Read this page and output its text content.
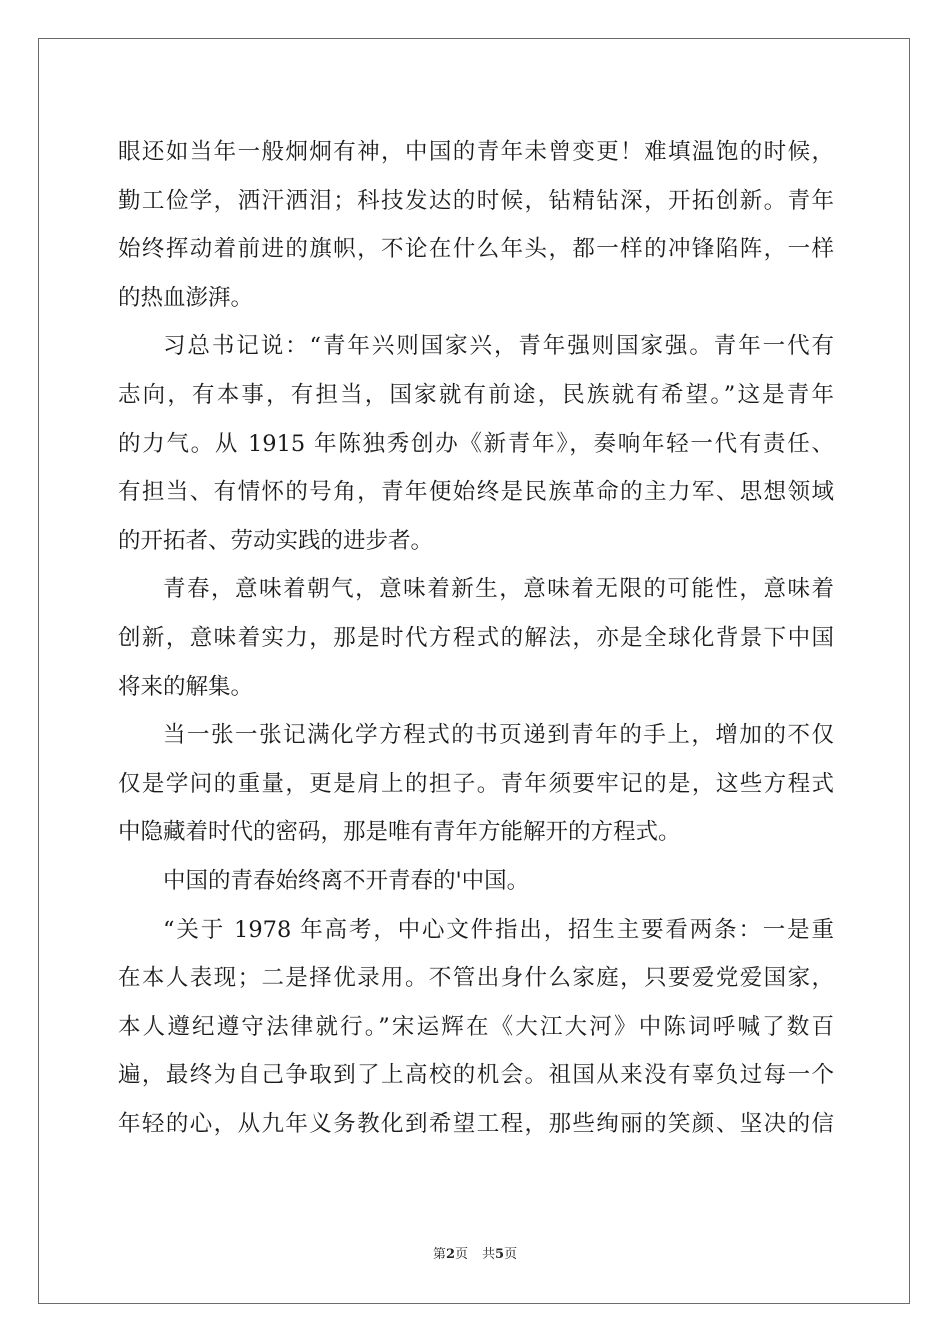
眼还如当年一般炯炯有神，中国的青年未曾变更！难填温饱的时候，
勤工俭学，洒汗洒泪；科技发达的时候，钻精钻深，开拓创新。青年
始终挥动着前进的旗帜，不论在什么年头，都一样的冲锋陷阵，一样
的热血澎湃。
习总书记说：“青年兴则国家兴，青年强则国家强。青年一代有
志向，有本事，有担当，国家就有前途，民族就有希望。”这是青年
的力气。从 1915 年陈独秀创办《新青年》，奏响年轻一代有责任、
有担当、有情怀的号角，青年便始终是民族革命的主力军、思想领域
的开拓者、劳动实践的进步者。
青春，意味着朝气，意味着新生，意味着无限的可能性，意味着
创新，意味着实力，那是时代方程式的解法，亦是全球化背景下中国
将来的解集。
当一张一张记满化学方程式的书页递到青年的手上，增加的不仅
仅是学问的重量，更是肩上的担子。青年须要牢记的是，这些方程式
中隐藏着时代的密码，那是唯有青年方能解开的方程式。
中国的青春始终离不开青春的'中国。
“关于 1978 年高考，中心文件指出，招生主要看两条：一是重
在本人表现；二是择优录用。不管出身什么家庭，只要爱党爱国家，
本人遵纪遵守法律就行。”宋运辉在《大江大河》中陈词呼喊了数百
遍，最终为自己争取到了上高校的机会。祖国从来没有辜负过每一个
年轻的心，从九年义务教化到希望工程，那些绚丽的笑颜、坚决的信
第2页 共5页
